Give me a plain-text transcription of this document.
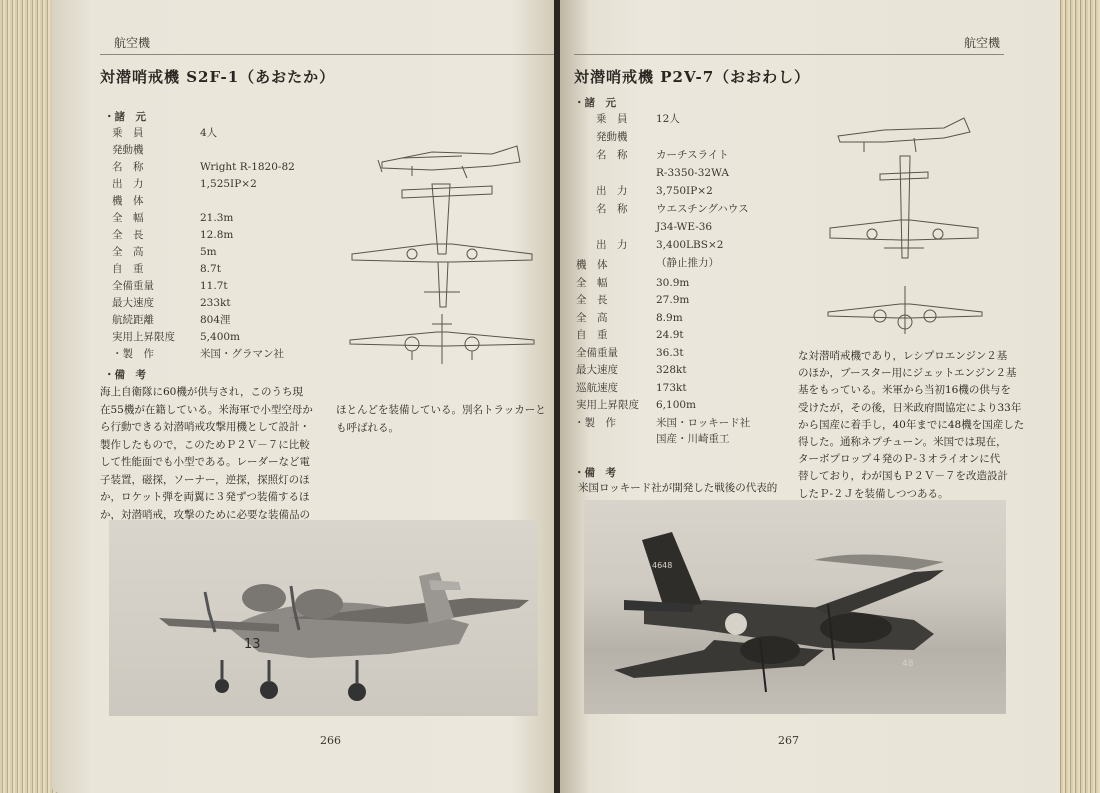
航空機
対潜哨戒機 S2F-1（あおたか）
・諸　元
乗　員	4人
発動機
名　称	Wright R-1820-82
出　力	1,525IP×2
機　体
全　幅	21.3m
全　長	12.8m
全　高	5m
自　重	8.7t
全備重量	11.7t
最大速度	233kt
航続距離	804浬
実用上昇限度 5,400m
・製　作	米国・グラマン社
・備　考
海上自衛隊に60機が供与され，このうち現
在55機が在籍している。米海軍で小型空母か
ら行動できる対潜哨戒攻撃用機として設計・
製作したもので，このためＰ２Ｖ－７に比較
して性能面でも小型である。レーダーなど電
子装置，磁探，ソーナー，逆探，探照灯のほ
か，ロケット弾を両翼に３発ずつ装備するほ
か，対潜哨戒，攻撃のために必要な装備品の
ほとんどを装備している。別名トラッカーと
も呼ばれる。
13
266
航空機
対潜哨戒機 P2V-7（おおわし）
・諸　元
乗　員	12人
発動機
名　称	カーチスライト
R-3350-32WA
出　力	3,750IP×2
名　称	ウエスチングハウス
J34-WE-36
出　力	3,400LBS×2
（静止推力）
機　体
全　幅	30.9m
全　長	27.9m
全　高	8.9m
自　重	24.9t
全備重量	36.3t
最大速度	328kt
巡航速度	173kt
実用上昇限度 6,100m
・製　作	米国・ロッキード社
国産・川崎重工
・備　考
米国ロッキード社が開発した戦後の代表的
な対潜哨戒機であり，レシプロエンジン２基
のほか，ブースター用にジェットエンジン２基
基をもっている。米軍から当初16機の供与を
受けたが，その後，日米政府間協定により33年
から国産に着手し，40年までに48機を国産した
得した。通称ネプチューン。米国では現在，
ターボプロップ４発のＰ-３オライオンに代
替しており，わが国もＰ２Ｖ－７を改造設計
したＰ-２Ｊを装備しつつある。
4648
48
267
